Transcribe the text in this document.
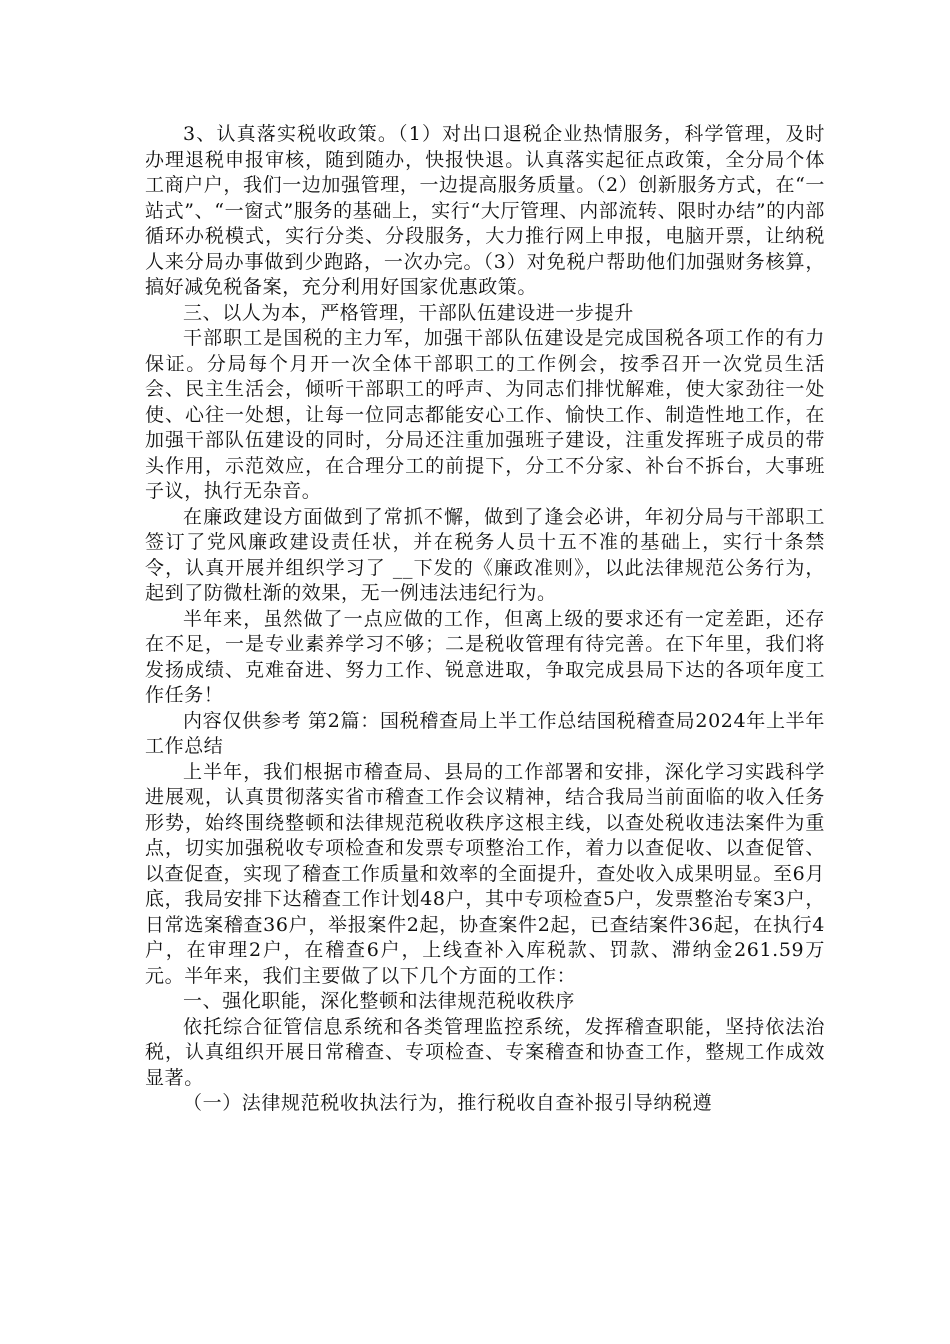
3、认真落实税收政策。（1）对出口退税企业热情服务，科学管理，及时办理退税申报审核，随到随办，快报快退。认真落实起征点政策，全分局个体工商户户，我们一边加强管理，一边提高服务质量。（2）创新服务方式，在“一站式”、“一窗式”服务的基础上，实行“大厅管理、内部流转、限时办结”的内部循环办税模式，实行分类、分段服务，大力推行网上申报，电脑开票，让纳税人来分局办事做到少跑路，一次办完。（3）对免税户帮助他们加强财务核算，搞好减免税备案，充分利用好国家优惠政策。

三、以人为本，严格管理，干部队伍建设进一步提升

干部职工是国税的主力军，加强干部队伍建设是完成国税各项工作的有力保证。分局每个月开一次全体干部职工的工作例会，按季召开一次党员生活会、民主生活会，倾听干部职工的呼声、为同志们排忧解难，使大家劲往一处使、心往一处想，让每一位同志都能安心工作、愉快工作、制造性地工作，在加强干部队伍建设的同时，分局还注重加强班子建设，注重发挥班子成员的带头作用，示范效应，在合理分工的前提下，分工不分家、补台不拆台，大事班子议，执行无杂音。

在廉政建设方面做到了常抓不懈，做到了逢会必讲，年初分局与干部职工签订了党风廉政建设责任状，并在税务人员十五不准的基础上，实行十条禁令，认真开展并组织学习了 __下发的《廉政准则》，以此法律规范公务行为，起到了防微杜渐的效果，无一例违法违纪行为。

半年来，虽然做了一点应做的工作，但离上级的要求还有一定差距，还存在不足，一是专业素养学习不够；二是税收管理有待完善。在下年里，我们将发扬成绩、克难奋进、努力工作、锐意进取，争取完成县局下达的各项年度工作任务！

内容仅供参考 第2篇：国税稽查局上半工作总结国税稽查局2024年上半年工作总结

上半年，我们根据市稽查局、县局的工作部署和安排，深化学习实践科学进展观，认真贯彻落实省市稽查工作会议精神，结合我局当前面临的收入任务形势，始终围绕整顿和法律规范税收秩序这根主线，以查处税收违法案件为重点，切实加强税收专项检查和发票专项整治工作，着力以查促收、以查促管、以查促查，实现了稽查工作质量和效率的全面提升，查处收入成果明显。至6月底，我局安排下达稽查工作计划48户，其中专项检查5户，发票整治专案3户，日常选案稽查36户，举报案件2起，协查案件2起，已查结案件36起，在执行4户，在审理2户，在稽查6户，上线查补入库税款、罚款、滞纳金261.59万元。半年来，我们主要做了以下几个方面的工作：

一、强化职能，深化整顿和法律规范税收秩序

依托综合征管信息系统和各类管理监控系统，发挥稽查职能，坚持依法治税，认真组织开展日常稽查、专项检查、专案稽查和协查工作，整规工作成效显著。

（一）法律规范税收执法行为，推行税收自查补报引导纳税遵
